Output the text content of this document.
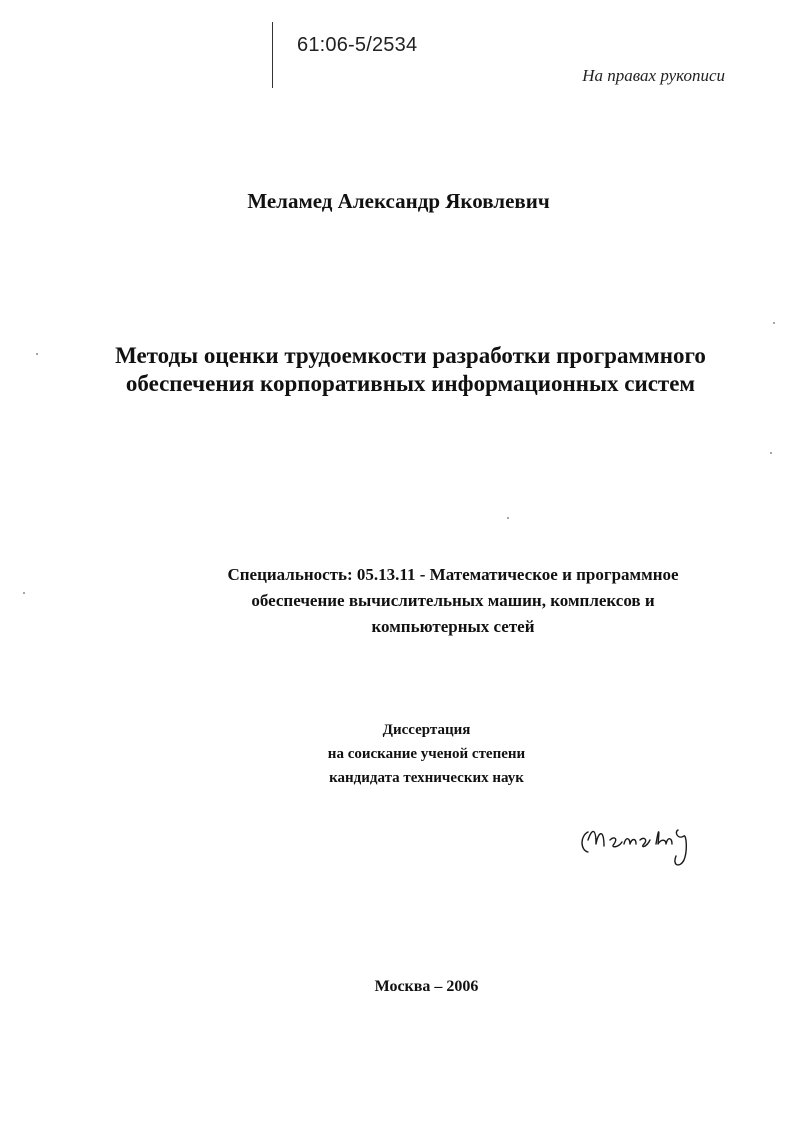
61:06-5/2534
На правах рукописи
Меламед Александр Яковлевич
Методы оценки трудоемкости разработки программного
обеспечения корпоративных информационных систем
Специальность: 05.13.11 - Математическое и программное
обеспечение вычислительных машин, комплексов и
компьютерных сетей
Диссертация
на соискание ученой степени
кандидата технических наук
Москва – 2006
